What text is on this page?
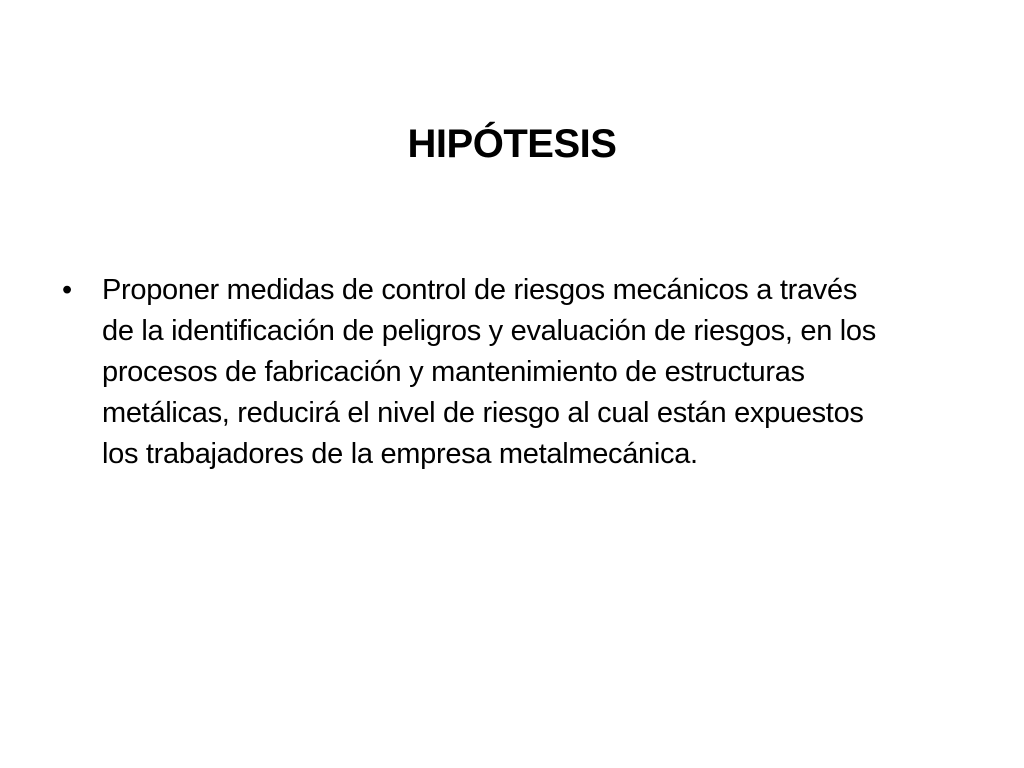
HIPÓTESIS
•	Proponer medidas de control de riesgos mecánicos a través
de la identificación de peligros y evaluación de riesgos, en los
procesos de fabricación y mantenimiento de estructuras
metálicas, reducirá el nivel de riesgo al cual están expuestos
los trabajadores de la empresa metalmecánica.
